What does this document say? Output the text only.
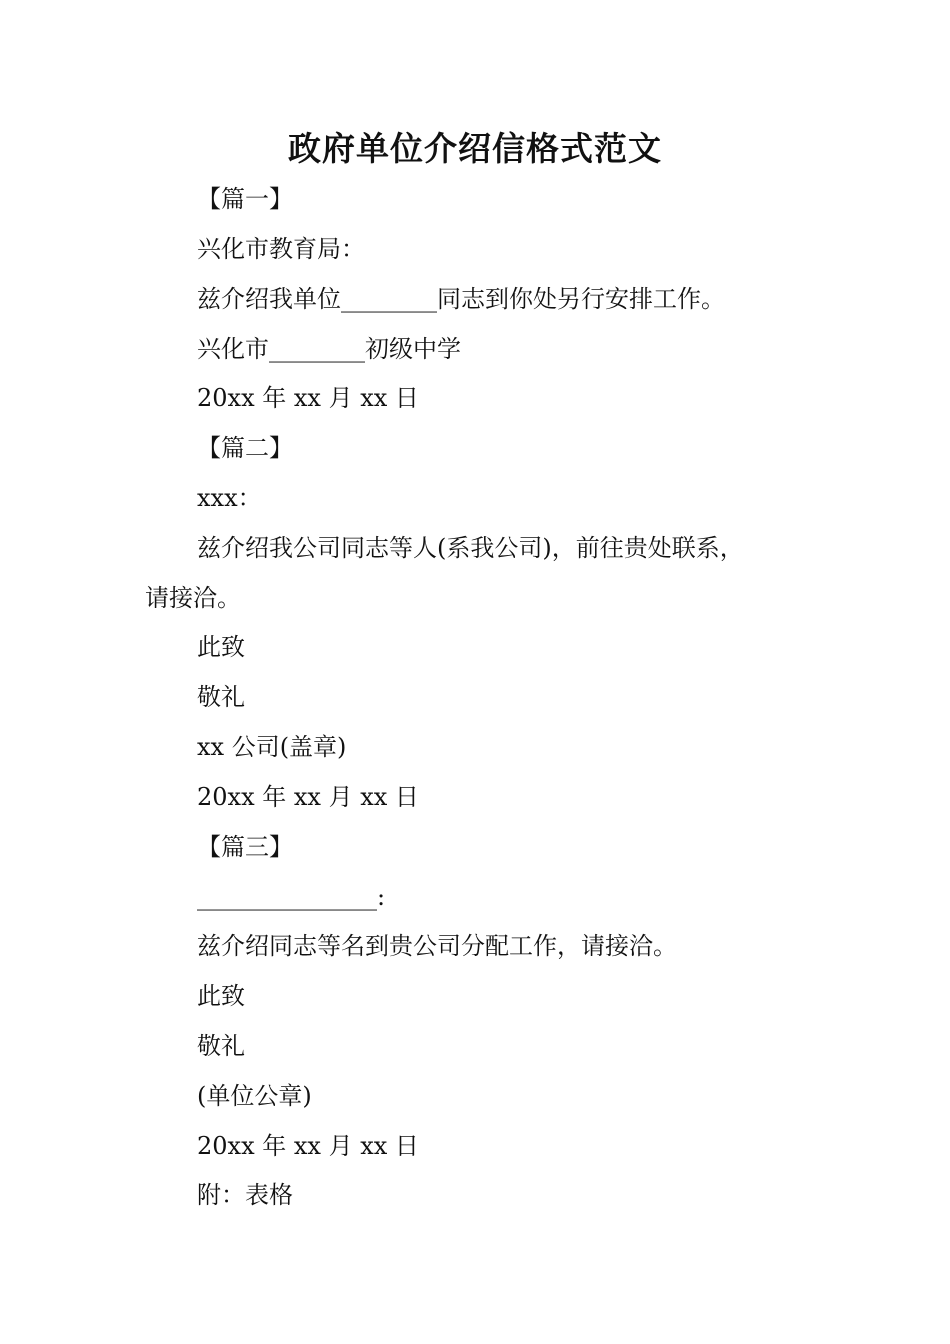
政府单位介绍信格式范文
【篇一】
兴化市教育局：
兹介绍我单位________同志到你处另行安排工作。
兴化市________初级中学
20xx 年 xx 月 xx 日
【篇二】
xxx：
兹介绍我公司同志等人(系我公司)，前往贵处联系，
请接洽。
此致
敬礼
xx 公司(盖章)
20xx 年 xx 月 xx 日
【篇三】
_______________:
兹介绍同志等名到贵公司分配工作，请接洽。
此致
敬礼
(单位公章)
20xx 年 xx 月 xx 日
附：表格
